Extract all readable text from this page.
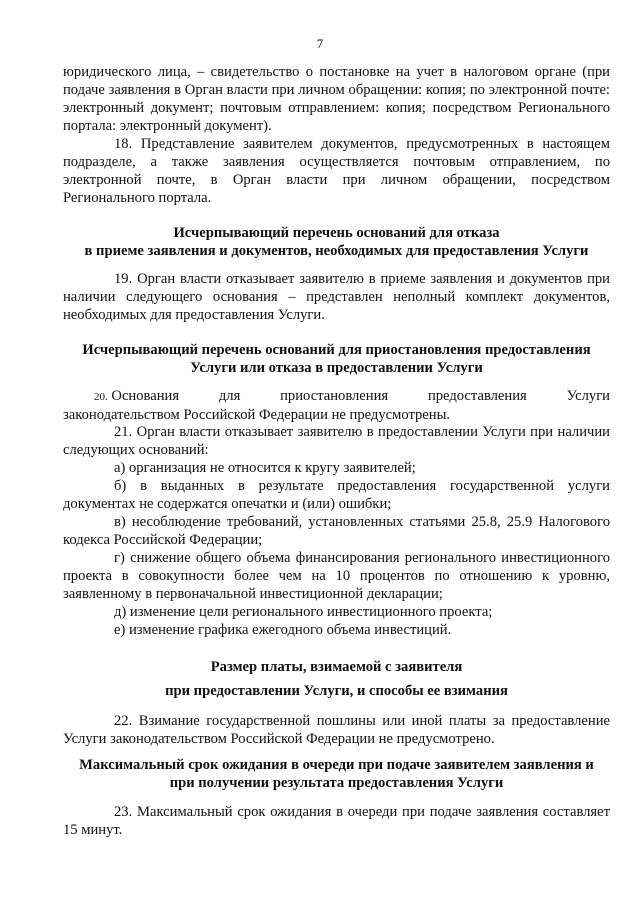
7

юридического лица, – свидетельство о постановке на учет в налоговом органе (при подаче заявления в Орган власти при личном обращении: копия; по электронной почте: электронный документ; почтовым отправлением: копия; посредством Регионального портала: электронный документ).

18. Представление заявителем документов, предусмотренных в настоящем подразделе, а также заявления осуществляется почтовым отправлением, по электронной почте, в Орган власти при личном обращении, посредством Регионального портала.

Исчерпывающий перечень оснований для отказа
в приеме заявления и документов, необходимых для предоставления Услуги

19. Орган власти отказывает заявителю в приеме заявления и документов при наличии следующего основания – представлен неполный комплект документов, необходимых для предоставления Услуги.

Исчерпывающий перечень оснований для приостановления предоставления
Услуги или отказа в предоставлении Услуги
20. Основания	для	приостановления	предоставления	Услуги
законодательством Российской Федерации не предусмотрены.

21. Орган власти отказывает заявителю в предоставлении Услуги при наличии следующих оснований:

а) организация не относится к кругу заявителей;

б) в выданных в результате предоставления государственной услуги документах не содержатся опечатки и (или) ошибки;

в) несоблюдение требований, установленных статьями 25.8, 25.9 Налогового кодекса Российской Федерации;

г) снижение общего объема финансирования регионального инвестиционного проекта в совокупности более чем на 10 процентов по отношению к уровню, заявленному в первоначальной инвестиционной декларации;

д) изменение цели регионального инвестиционного проекта;

е) изменение графика ежегодного объема инвестиций.

Размер платы, взимаемой с заявителя
при предоставлении Услуги, и способы ее взимания

22. Взимание государственной пошлины или иной платы за предоставление Услуги законодательством Российской Федерации не предусмотрено.

Максимальный срок ожидания в очереди при подаче заявителем заявления и
при получении результата предоставления Услуги

23. Максимальный срок ожидания в очереди при подаче заявления составляет 15 минут.
